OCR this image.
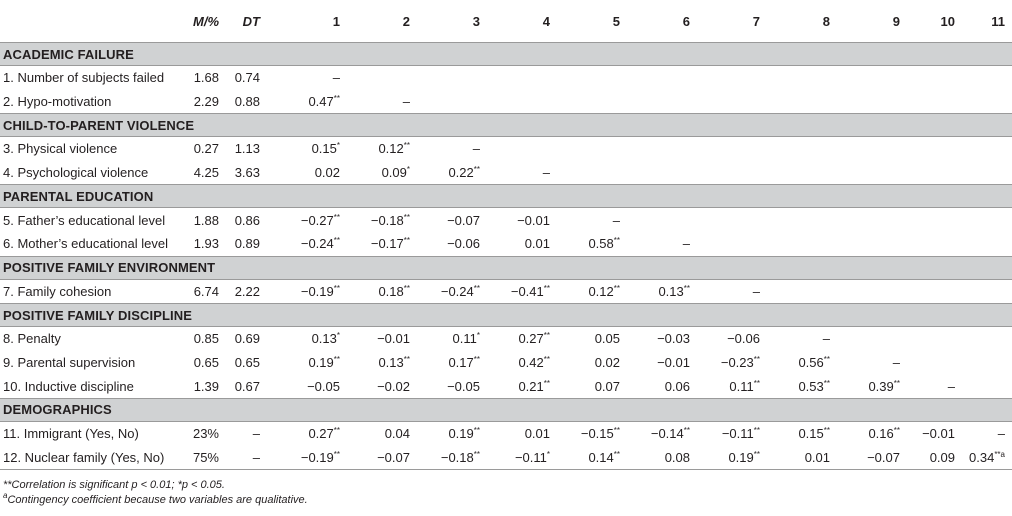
	M/%	DT	1	2	3	4	5	6	7	8	9	10	11
ACADEMIC FAILURE													
1. Number of subjects failed	1.68	0.74	–										
2. Hypo-motivation	2.29	0.88	0.47**	–									
CHILD-TO-PARENT VIOLENCE													
3. Physical violence	0.27	1.13	0.15*	0.12**	–								
4. Psychological violence	4.25	3.63	0.02	0.09*	0.22**	–							
PARENTAL EDUCATION													
5. Father’s educational level	1.88	0.86	−0.27**	−0.18**	−0.07	−0.01	–						
6. Mother’s educational level	1.93	0.89	−0.24**	−0.17**	−0.06	0.01	0.58**	–					
POSITIVE FAMILY ENVIRONMENT													
7. Family cohesion	6.74	2.22	−0.19**	0.18**	−0.24**	−0.41**	0.12**	0.13**	–				
POSITIVE FAMILY DISCIPLINE													
8. Penalty	0.85	0.69	0.13*	−0.01	0.11*	0.27**	0.05	−0.03	−0.06	–			
9. Parental supervision	0.65	0.65	0.19**	0.13**	0.17**	0.42**	0.02	−0.01	−0.23**	0.56**	–		
10. Inductive discipline	1.39	0.67	−0.05	−0.02	−0.05	0.21**	0.07	0.06	0.11**	0.53**	0.39**	–	
DEMOGRAPHICS													
11. Immigrant (Yes, No)	23%	–	0.27**	0.04	0.19**	0.01	−0.15**	−0.14**	−0.11**	0.15**	0.16**	−0.01	–
12. Nuclear family (Yes, No)	75%	–	−0.19**	−0.07	−0.18**	−0.11*	0.14**	0.08	0.19**	0.01	−0.07	0.09	0.34$^{**a}$
**Correlation is significant p < 0.01; *p < 0.05.
$^a$Contingency coefficient because two variables are qualitative.
